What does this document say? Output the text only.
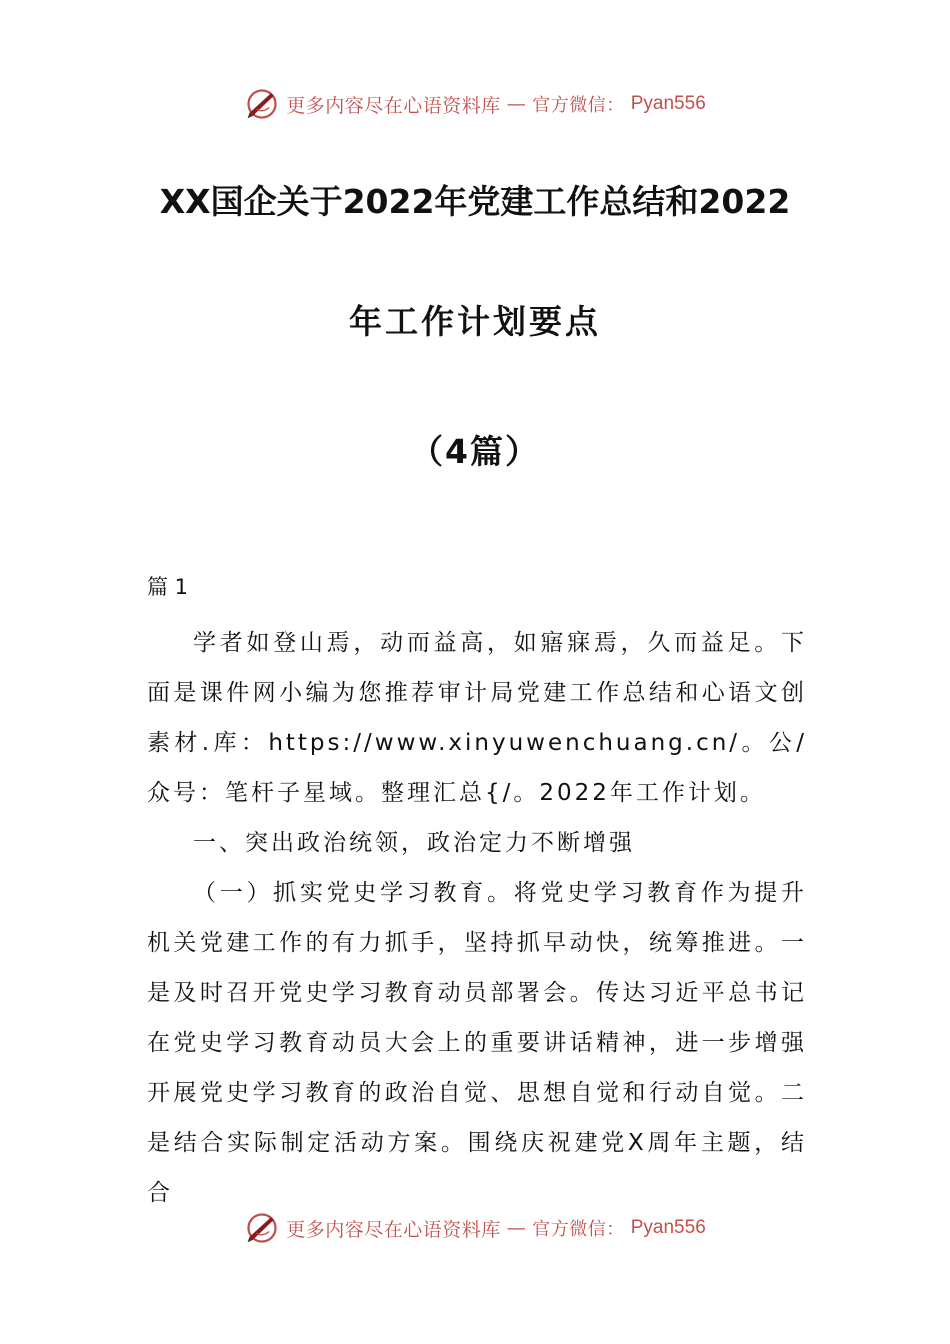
更多内容尽在心语资料库 — 官方微信： Pyan556
XX国企关于2022年党建工作总结和2022
年工作计划要点
（4篇）
篇 1

学者如登山焉，动而益高，如寤寐焉，久而益足。下面是课件网小编为您推荐审计局党建工作总结和心语文创素材.库：https://www.xinyuwenchuang.cn/。公/众号：笔杆子星域。整理汇总{/。2022年工作计划。

一、突出政治统领，政治定力不断增强

（一）抓实党史学习教育。将党史学习教育作为提升机关党建工作的有力抓手，坚持抓早动快，统筹推进。一是及时召开党史学习教育动员部署会。传达习近平总书记在党史学习教育动员大会上的重要讲话精神，进一步增强开展党史学习教育的政治自觉、思想自觉和行动自觉。二是结合实际制定活动方案。围绕庆祝建党X周年主题，结合

更多内容尽在心语资料库 — 官方微信： Pyan556
